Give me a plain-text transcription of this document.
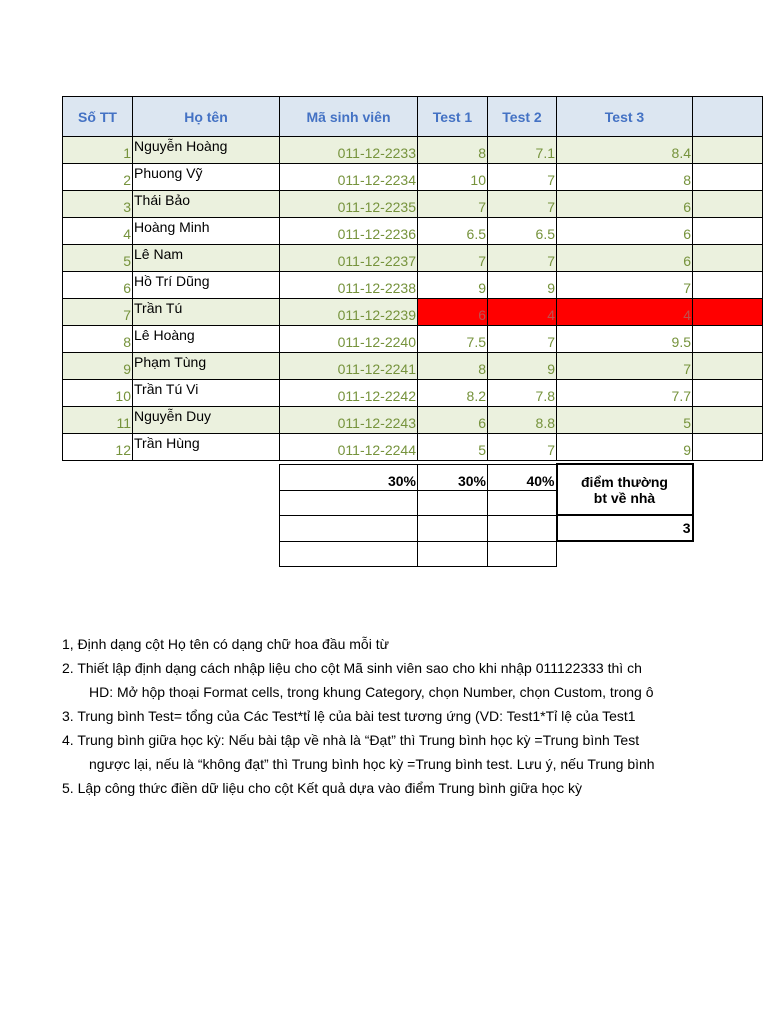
Số TT	Họ tên	Mã sinh viên	Test 1	Test 2	Test 3	
1	Nguyễn Hoàng	011-12-2233	8	7.1	8.4	
2	Phuong Vỹ	011-12-2234	10	7	8	
3	Thái Bảo	011-12-2235	7	7	6	
4	Hoàng Minh	011-12-2236	6.5	6.5	6	
5	Lê Nam	011-12-2237	7	7	6	
6	Hồ Trí Dũng	011-12-2238	9	9	7	
7	Trần Tú	011-12-2239	6	4	4	
8	Lê Hoàng	011-12-2240	7.5	7	9.5	
9	Phạm Tùng	011-12-2241	8	9	7	
10	Trần Tú Vi	011-12-2242	8.2	7.8	7.7	
11	Nguyễn Duy	011-12-2243	6	8.8	5	
12	Trần Hùng	011-12-2244	5	7	9	
30%	30%	40%	điểm thường
bt về nhà	

			3	

1, Định dạng cột Họ tên có dạng chữ hoa đầu mỗi từ
2. Thiết lập định dạng cách nhập liệu cho cột Mã sinh viên sao cho khi nhập 011122333 thì ch
HD: Mở hộp thoại Format cells, trong khung Category, chọn Number, chọn Custom, trong ô
3. Trung bình Test= tổng của Các Test*tỉ lệ của bài test tương ứng (VD: Test1*Tỉ lệ của Test1
4. Trung bình giữa học kỳ: Nếu bài tập về nhà là “Đạt” thì Trung bình học kỳ =Trung bình Test
ngược lại, nếu là “không đạt” thì Trung bình học kỳ =Trung bình test. Lưu ý, nếu Trung bình
5. Lập công thức điền dữ liệu cho cột Kết quả dựa vào điểm Trung bình giữa học kỳ
